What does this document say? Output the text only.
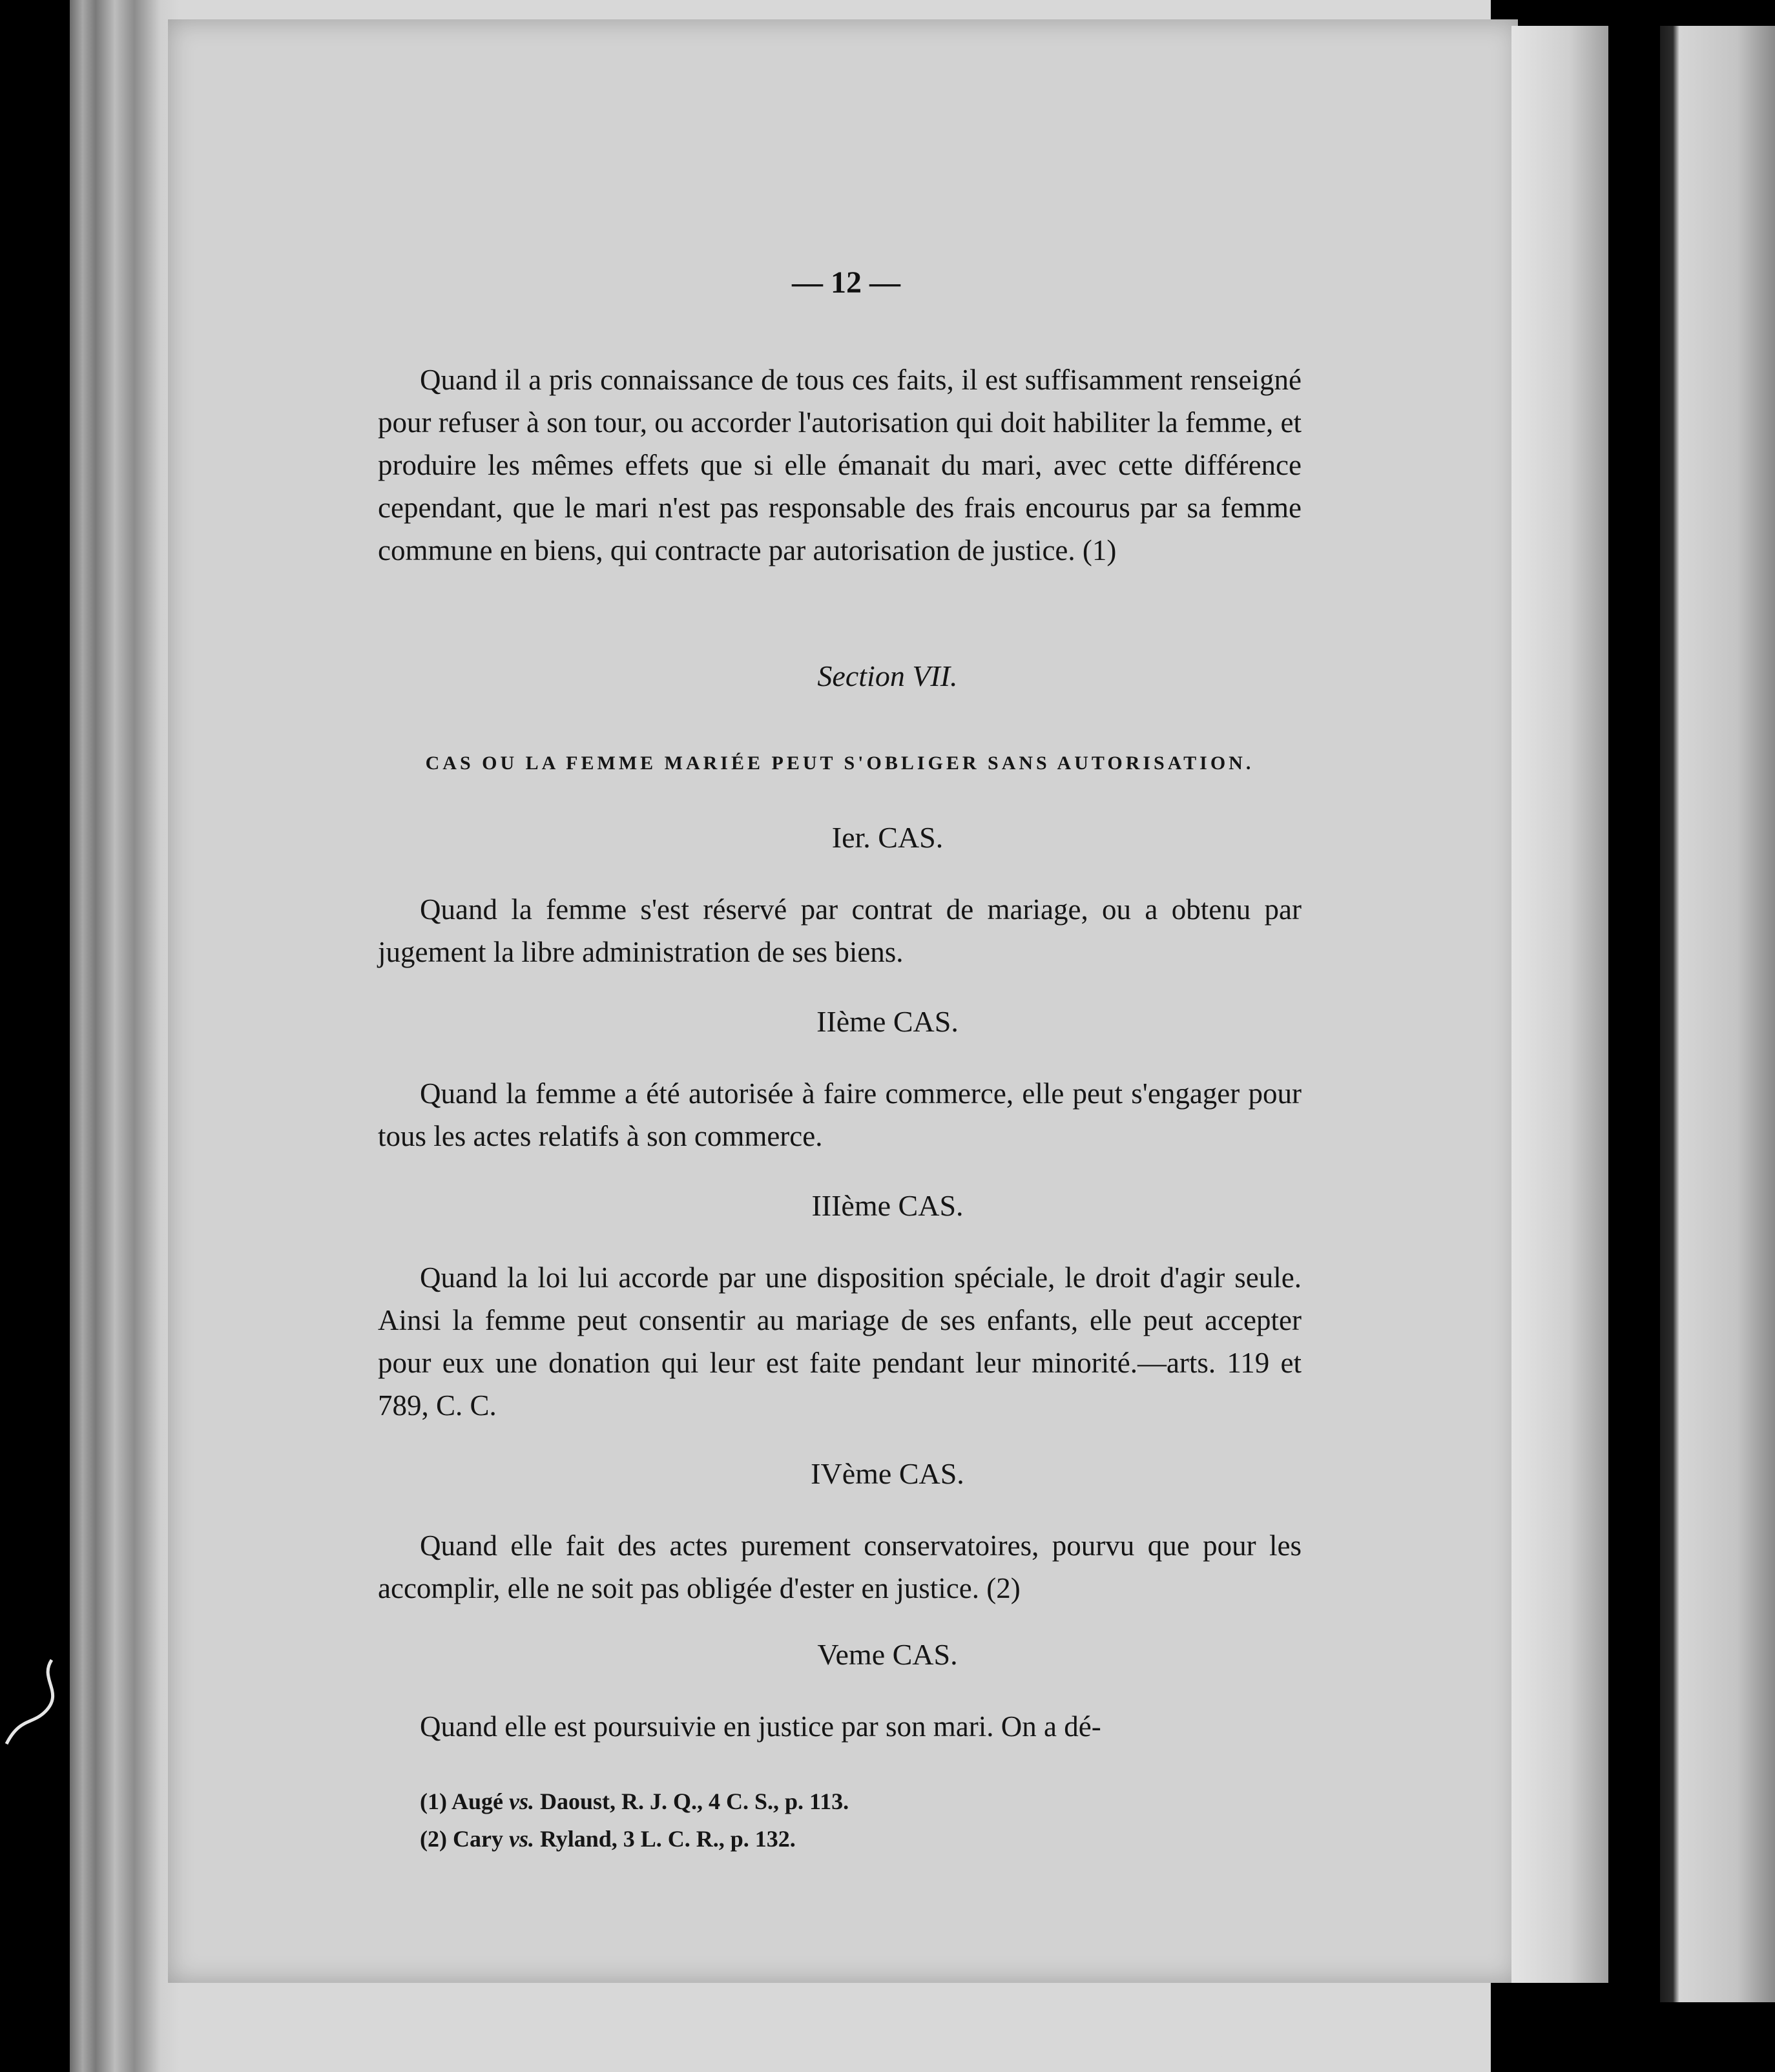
— 12 —

Quand il a pris connaissance de tous ces faits, il est suffisamment renseigné pour refuser à son tour, ou accorder l'autorisation qui doit habiliter la femme, et produire les mêmes effets que si elle émanait du mari, avec cette différence cependant, que le mari n'est pas responsable des frais encourus par sa femme commune en biens, qui contracte par autorisation de justice. (1)

Section VII.
CAS OU LA FEMME MARIÉE PEUT S'OBLIGER SANS AUTORISATION.
Ier. CAS.

Quand la femme s'est réservé par contrat de mariage, ou a obtenu par jugement la libre administration de ses biens.

IIème CAS.

Quand la femme a été autorisée à faire commerce, elle peut s'engager pour tous les actes relatifs à son commerce.

IIIème CAS.

Quand la loi lui accorde par une disposition spéciale, le droit d'agir seule. Ainsi la femme peut consentir au mariage de ses enfants, elle peut accepter pour eux une donation qui leur est faite pendant leur minorité.—arts. 119 et 789, C. C.

IVème CAS.

Quand elle fait des actes purement conservatoires, pourvu que pour les accomplir, elle ne soit pas obligée d'ester en justice. (2)

Veme CAS.

Quand elle est poursuivie en justice par son mari. On a dé-

(1) Augé vs. Daoust, R. J. Q., 4 C. S., p. 113.
(2) Cary vs. Ryland, 3 L. C. R., p. 132.
